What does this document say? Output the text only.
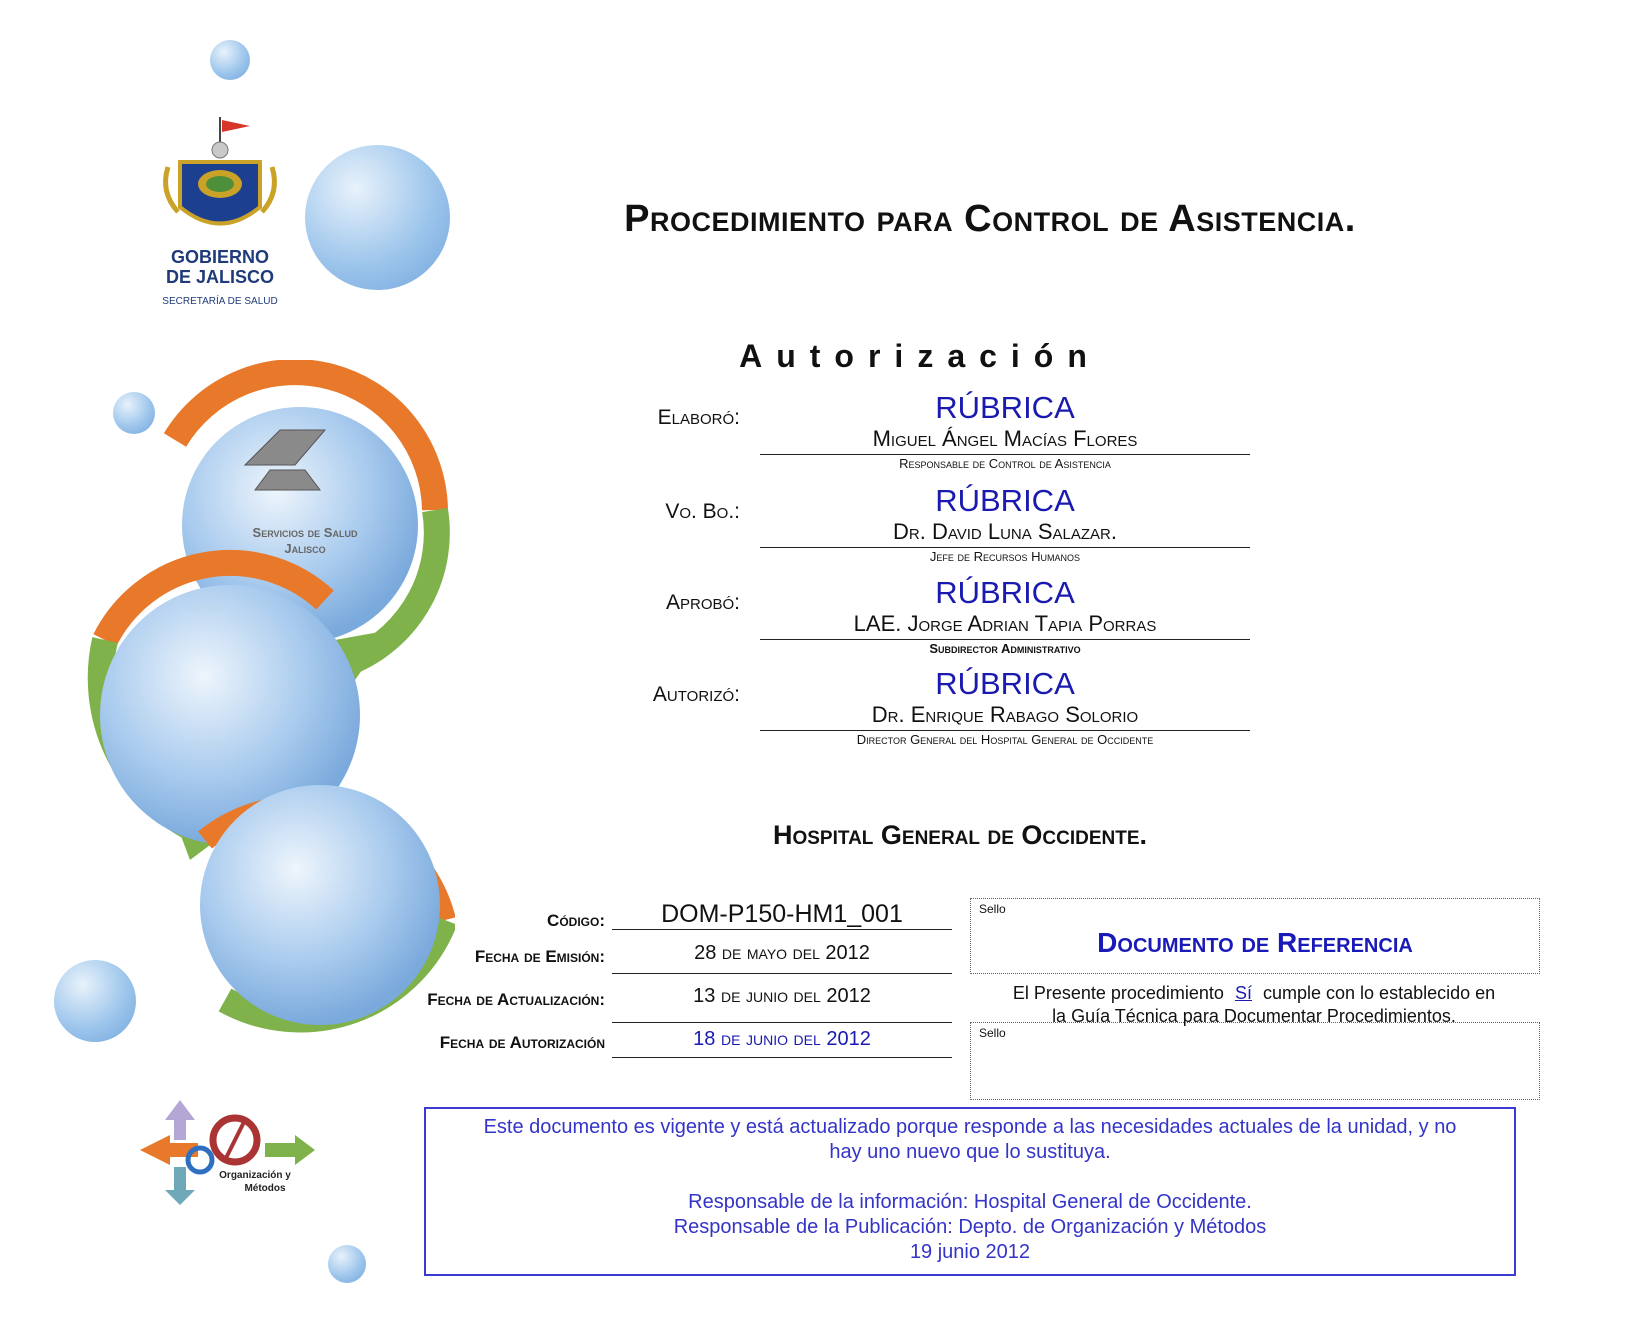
GOBIERNO
DE JALISCO
SECRETARÍA DE SALUD
Servicios de Salud
Jalisco
Procedimiento para Control de Asistencia.
Autorización
Elaboró:	RÚBRICA
Miguel Ángel Macías Flores
Responsable de Control de Asistencia
Vo. Bo.:	RÚBRICA
Dr. David Luna Salazar.
Jefe de Recursos Humanos
Aprobó:	RÚBRICA
LAE. Jorge Adrian Tapia Porras
Subdirector Administrativo
Autorizó:	RÚBRICA
Dr. Enrique Rabago Solorio
Director General del Hospital General de Occidente
Hospital General de Occidente.
Código:	DOM-P150-HM1_001
Fecha de Emisión:	28 de mayo del 2012
Fecha de Actualización:	13 de junio del 2012
Fecha de Autorización	18 de junio del 2012
Sello
Documento de Referencia
El Presente procedimiento Sí cumple con lo establecido en
la Guía Técnica para Documentar Procedimientos.
Sello
Organización y
Métodos
Este documento es vigente y está actualizado porque responde a las necesidades actuales de la unidad, y no
hay uno nuevo que lo sustituya.
Responsable de la información: Hospital General de Occidente.
Responsable de la Publicación: Depto. de Organización y Métodos
19 junio 2012
